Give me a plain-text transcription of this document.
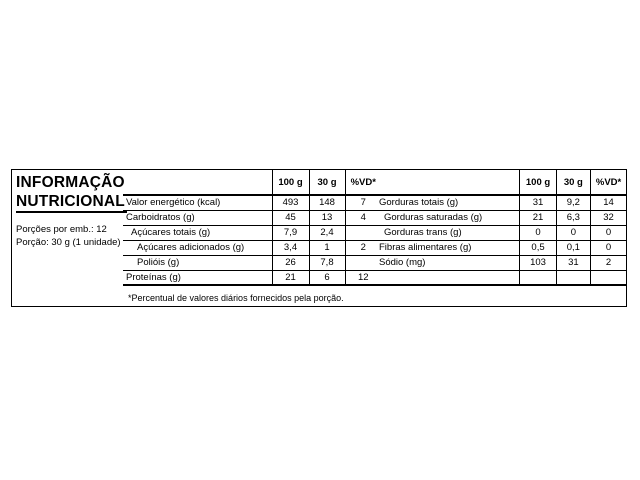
INFORMAÇÃO
NUTRICIONAL
Porções por emb.: 12
Porção: 30 g (1 unidade)
	100 g	30 g	%VD*
Valor energético (kcal)	493	148	7
Carboidratos (g)	45	13	4
Açúcares totais (g)	7,9	2,4	
Açúcares adicionados (g)	3,4	1	2
Polióis (g)	26	7,8	
Proteínas (g)	21	6	12
	100 g	30 g	%VD*
Gorduras totais (g)	31	9,2	14
Gorduras saturadas (g)	21	6,3	32
Gorduras trans (g)	0	0	0
Fibras alimentares (g)	0,5	0,1	0
Sódio (mg)	103	31	2

*Percentual de valores diários fornecidos pela porção.
